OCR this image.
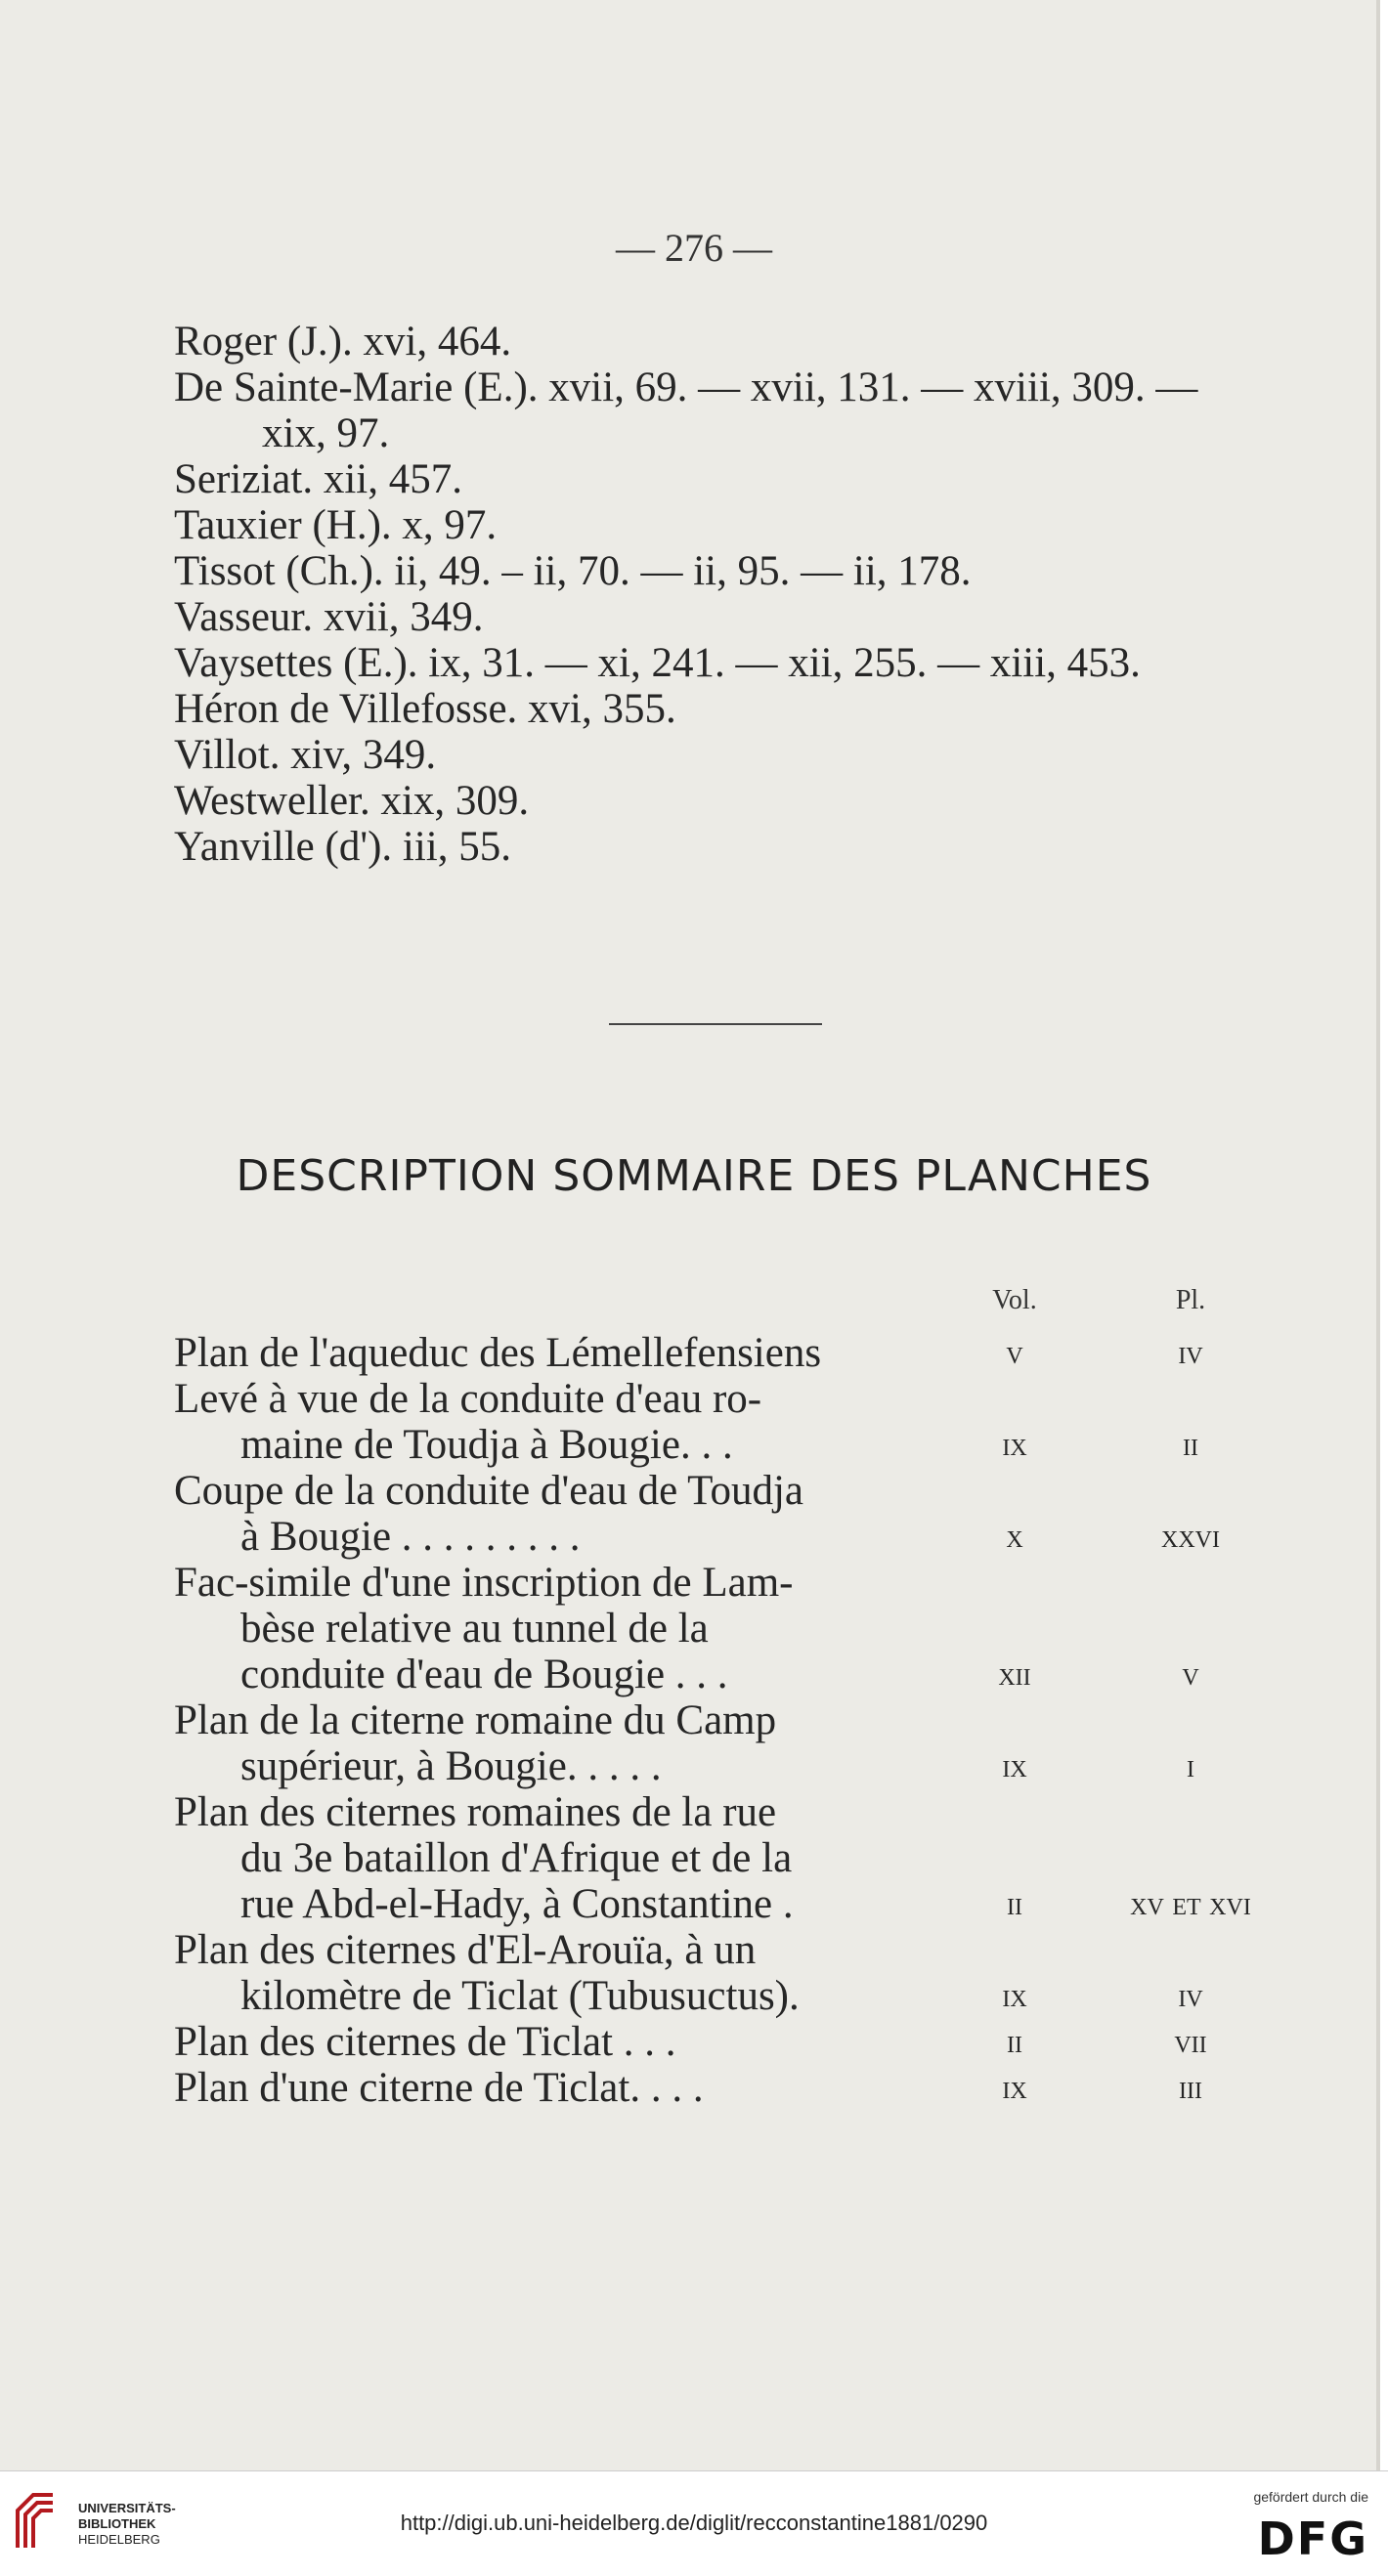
— 276 —

Roger (J.). xvi, 464.

De Sainte-Marie (E.). xvii, 69. — xvii, 131. — xviii, 309. — xix, 97.

Seriziat. xii, 457.

Tauxier (H.). x, 97.

Tissot (Ch.). ii, 49. – ii, 70. — ii, 95. — ii, 178.

Vasseur. xvii, 349.

Vaysettes (E.). ix, 31. — xi, 241. — xii, 255. — xiii, 453.

Héron de Villefosse. xvi, 355.

Villot. xiv, 349.

Westweller. xix, 309.

Yanville (d'). iii, 55.

DESCRIPTION SOMMAIRE DES PLANCHES
Vol.	Pl.
Plan de l'aqueduc des Lémellefensiens	v	iv
Levé à vue de la conduite d'eau ro-
maine de Toudja à Bougie. . .	ix	ii
Coupe de la conduite d'eau de Toudja
à Bougie . . . . . . . . .	x	xxvi
Fac-simile d'une inscription de Lam-
bèse relative au tunnel de la
conduite d'eau de Bougie . . .	xii	v
Plan de la citerne romaine du Camp
supérieur, à Bougie. . . . .	ix	i
Plan des citernes romaines de la rue
du 3e bataillon d'Afrique et de la
rue Abd-el-Hady, à Constantine .	ii	xv et xvi
Plan des citernes d'El-Arouïa, à un
kilomètre de Ticlat (Tubusuctus).	ix	iv
Plan des citernes de Ticlat . . .	ii	vii
Plan d'une citerne de Ticlat. . . .	ix	iii
UNIVERSITÄTS-
BIBLIOTHEK
HEIDELBERG
http://digi.ub.uni-heidelberg.de/diglit/recconstantine1881/0290
gefördert durch die
DFG
